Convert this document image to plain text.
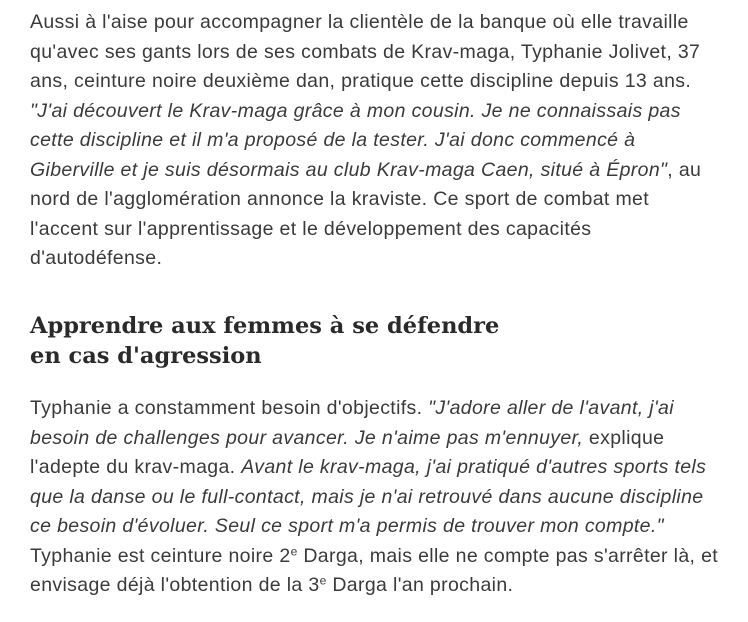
Aussi à l'aise pour accompagner la clientèle de la banque où elle travaille qu'avec ses gants lors de ses combats de Krav-maga, Typhanie Jolivet, 37 ans, ceinture noire deuxième dan, pratique cette discipline depuis 13 ans. "J'ai découvert le Krav-maga grâce à mon cousin. Je ne connaissais pas cette discipline et il m'a proposé de la tester. J'ai donc commencé à Giberville et je suis désormais au club Krav-maga Caen, situé à Épron", au nord de l'agglomération annonce la kraviste. Ce sport de combat met l'accent sur l'apprentissage et le développement des capacités d'autodéfense.

Apprendre aux femmes à se défendre
en cas d'agression

Typhanie a constamment besoin d'objectifs. "J'adore aller de l'avant, j'ai besoin de challenges pour avancer. Je n'aime pas m'ennuyer, explique l'adepte du krav-maga. Avant le krav-maga, j'ai pratiqué d'autres sports tels que la danse ou le full-contact, mais je n'ai retrouvé dans aucune discipline ce besoin d'évoluer. Seul ce sport m'a permis de trouver mon compte." Typhanie est ceinture noire 2e Darga, mais elle ne compte pas s'arrêter là, et envisage déjà l'obtention de la 3e Darga l'an prochain.
